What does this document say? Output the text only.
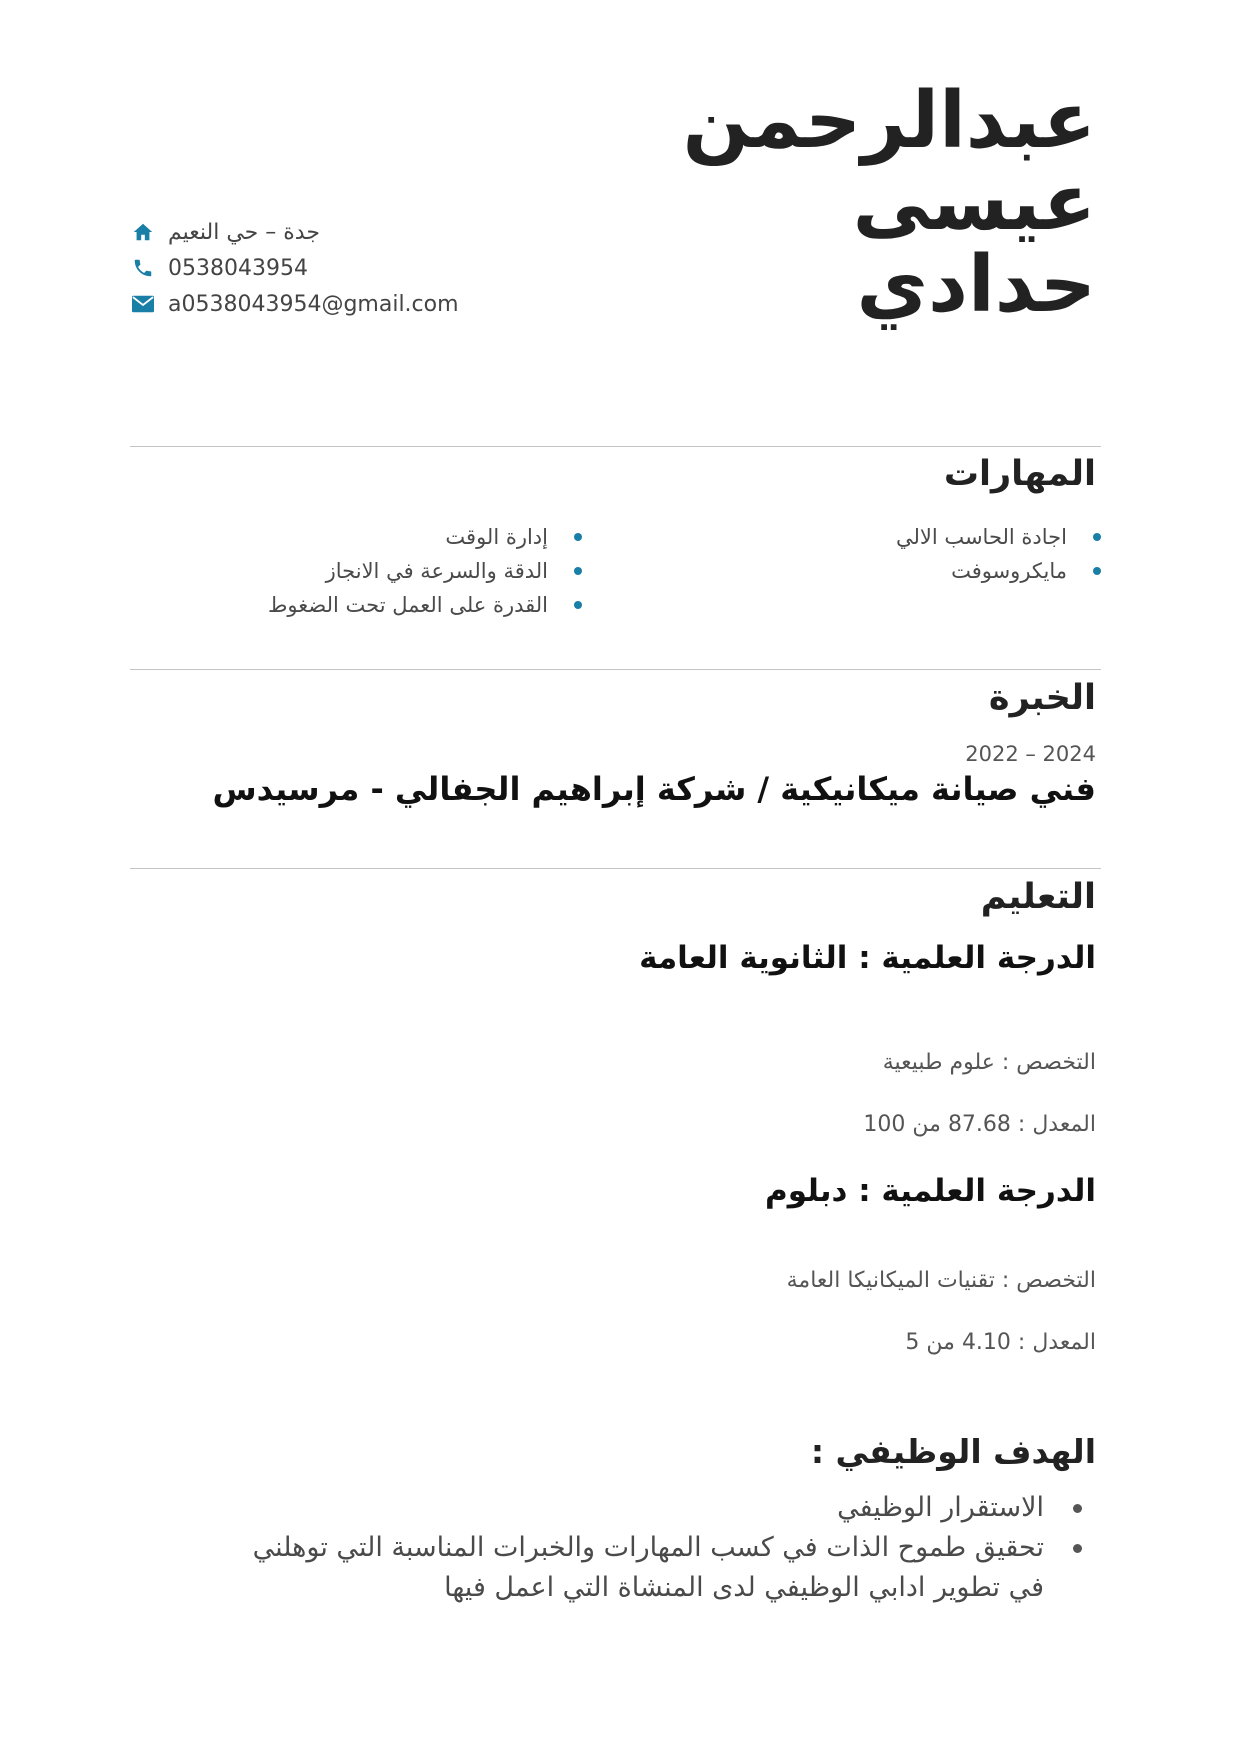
عبدالرحمن
عيسى
حدادي
جدة – حي النعيم
0538043954
a0538043954@gmail.com
المهارات
اجادة الحاسب الالي
مايكروسوفت
إدارة الوقت
الدقة والسرعة في الانجاز
القدرة على العمل تحت الضغوط
الخبرة
2022 – 2024
فني صيانة ميكانيكية / شركة إبراهيم الجفالي - مرسيدس
التعليم
الدرجة العلمية : الثانوية العامة
التخصص : علوم طبيعية
المعدل : 87.68 من 100
الدرجة العلمية : دبلوم
التخصص : تقنيات الميكانيكا العامة
المعدل : 4.10 من 5
الهدف الوظيفي :
الاستقرار الوظيفي
تحقيق طموح الذات في كسب المهارات والخبرات المناسبة التي توهلني في تطوير ادابي الوظيفي لدى المنشاة التي اعمل فيها
